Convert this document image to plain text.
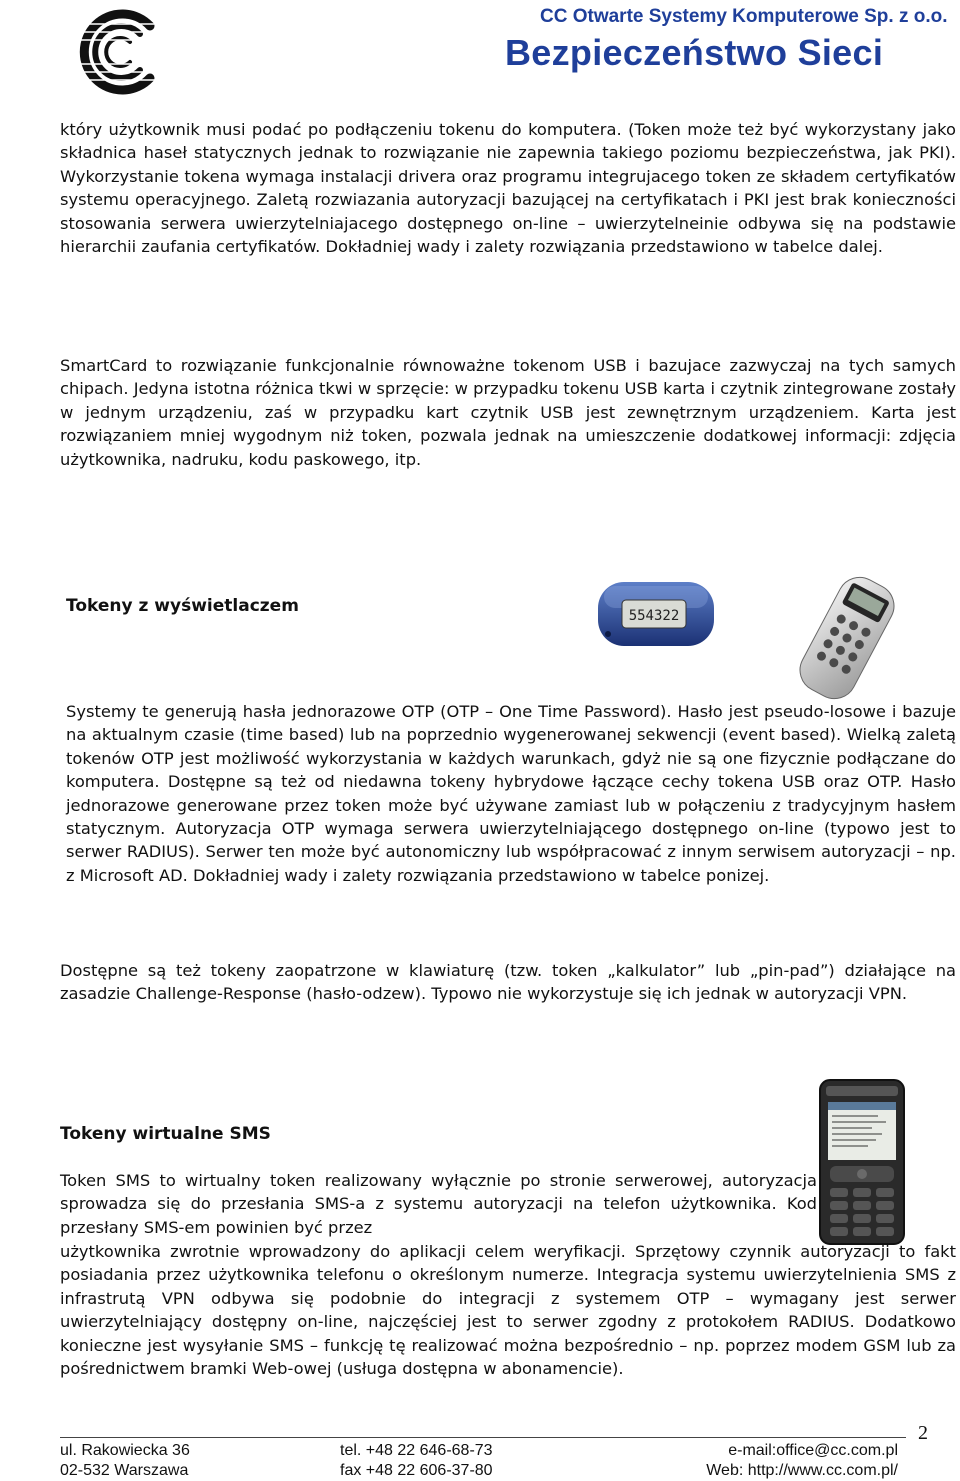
CC Otwarte Systemy Komputerowe Sp. z o.o.
Bezpieczeństwo Sieci

który użytkownik musi podać po podłączeniu tokenu do komputera. (Token może też być wykorzystany jako składnica haseł statycznych jednak to rozwiązanie nie zapewnia takiego poziomu bezpieczeństwa, jak PKI). Wykorzystanie tokena wymaga instalacji drivera oraz programu integrujacego token ze składem certyfikatów systemu operacyjnego. Zaletą rozwiazania autoryzacji bazującej na certyfikatach i PKI jest brak konieczności stosowania serwera uwierzytelniajacego dostępnego on-line – uwierzytelneinie odbywa się na podstawie hierarchii zaufania certyfikatów. Dokładniej wady i zalety rozwiązania przedstawiono w tabelce dalej.

SmartCard to rozwiązanie funkcjonalnie równoważne tokenom USB i bazujace zazwyczaj na tych samych chipach. Jedyna istotna różnica tkwi w sprzęcie: w przypadku tokenu USB karta i czytnik zintegrowane zostały w jednym urządzeniu, zaś w przypadku kart czytnik USB jest zewnętrznym urządzeniem. Karta jest rozwiązaniem mniej wygodnym niż token, pozwala jednak na umieszczenie dodatkowej informacji: zdjęcia użytkownika, nadruku, kodu paskowego, itp.

Tokeny z wyświetlaczem	554322

Systemy te generują hasła jednorazowe OTP (OTP – One Time Password). Hasło jest pseudo-losowe i bazuje na aktualnym czasie (time based) lub na poprzednio wygenerowanej sekwencji (event based). Wielką zaletą tokenów OTP jest możliwość wykorzystania w każdych warunkach, gdyż nie są one fizycznie podłączane do komputera. Dostępne są też od niedawna tokeny hybrydowe łączące cechy tokena USB oraz OTP. Hasło jednorazowe generowane przez token może być używane zamiast lub w połączeniu z tradycyjnym hasłem statycznym. Autoryzacja OTP wymaga serwera uwierzytelniającego dostępnego on-line (typowo jest to serwer RADIUS). Serwer ten może być autonomiczny lub współpracować z innym serwisem autoryzacji – np. z Microsoft AD. Dokładniej wady i zalety rozwiązania przedstawiono w tabelce ponizej.

Dostępne są też tokeny zaopatrzone w klawiaturę (tzw. token „kalkulator” lub „pin-pad”) działające na zasadzie Challenge-Response (hasło-odzew). Typowo nie wykorzystuje się ich jednak w autoryzacji VPN.

Tokeny wirtualne SMS

Token SMS to wirtualny token realizowany wyłącznie po stronie serwerowej, autoryzacja sprowadza się do przesłania SMS-a z systemu autoryzacji na telefon użytkownika. Kod przesłany SMS-em powinien być przez

użytkownika zwrotnie wprowadzony do aplikacji celem weryfikacji. Sprzętowy czynnik autoryzacji to fakt posiadania przez użytkownika telefonu o określonym numerze. Integracja systemu uwierzytelnienia SMS z infrastrutą VPN odbywa się podobnie do integracji z systemem OTP – wymagany jest serwer uwierzytelniający dostępny on-line, najczęściej jest to serwer zgodny z protokołem RADIUS. Dodatkowo konieczne jest wysyłanie SMS – funkcję tę realizować można bezpośrednio – np. poprzez modem GSM lub za pośrednictwem bramki Web-owej (usługa dostępna w abonamencie).

2
ul. Rakowiecka 36
02-532 Warszawa
tel. +48 22 646-68-73
fax +48 22 606-37-80
e-mail:office@cc.com.pl
Web: http://www.cc.com.pl/
